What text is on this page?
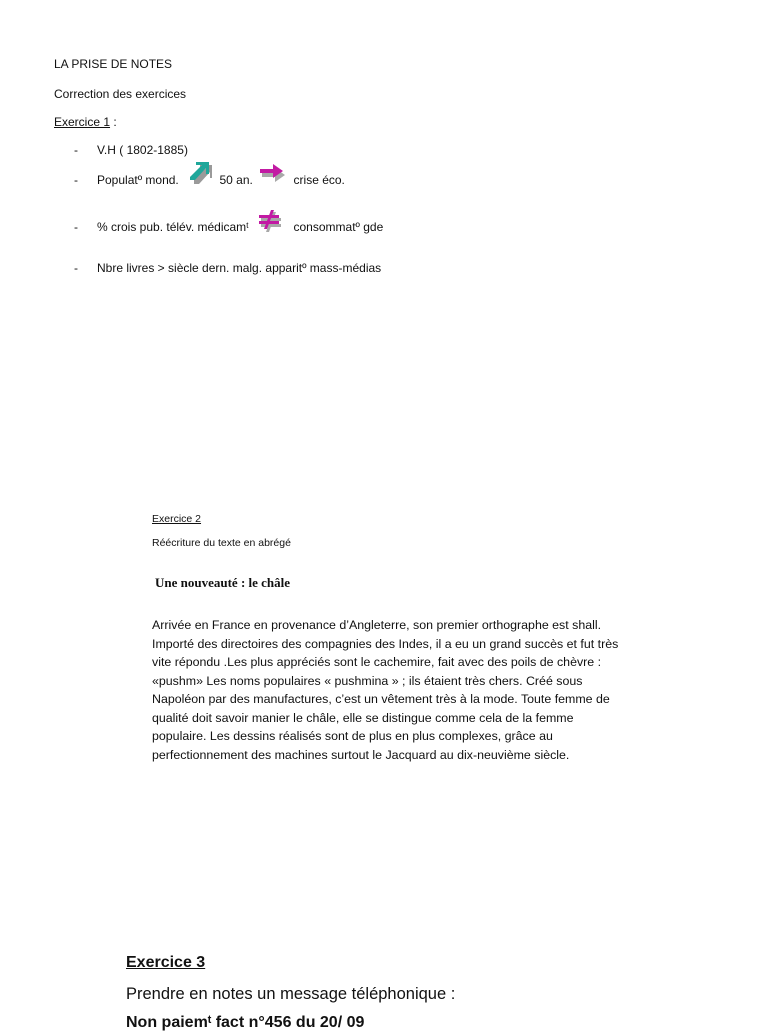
LA PRISE DE NOTES
Correction des exercices
Exercice 1 :
- V.H ( 1802-1885)
- Populatº mond.	50 an.	crise éco.
- % crois pub. télév. médicamᵗ	consommatº gde
- Nbre livres > siècle dern. malg. apparitº mass-médias
Exercice 2
Réécriture du texte en abrégé
Une nouveauté : le châle
Arrivée en France en provenance d’Angleterre, son premier orthographe est shall.
Importé des directoires des compagnies des Indes, il a eu un grand succès et fut très
vite répondu .Les plus appréciés sont le cachemire, fait avec des poils de chèvre :
«pushm» Les noms populaires « pushmina » ; ils étaient très chers. Créé sous
Napoléon par des manufactures, c’est un vêtement très à la mode. Toute femme de
qualité doit savoir manier le châle, elle se distingue comme cela de la femme
populaire. Les dessins réalisés sont de plus en plus complexes, grâce au
perfectionnement des machines surtout le Jacquard au dix-neuvième siècle.
Exercice 3
Prendre en notes un message téléphonique :
Non paiemᵗ fact n°456 du 20/ 09
